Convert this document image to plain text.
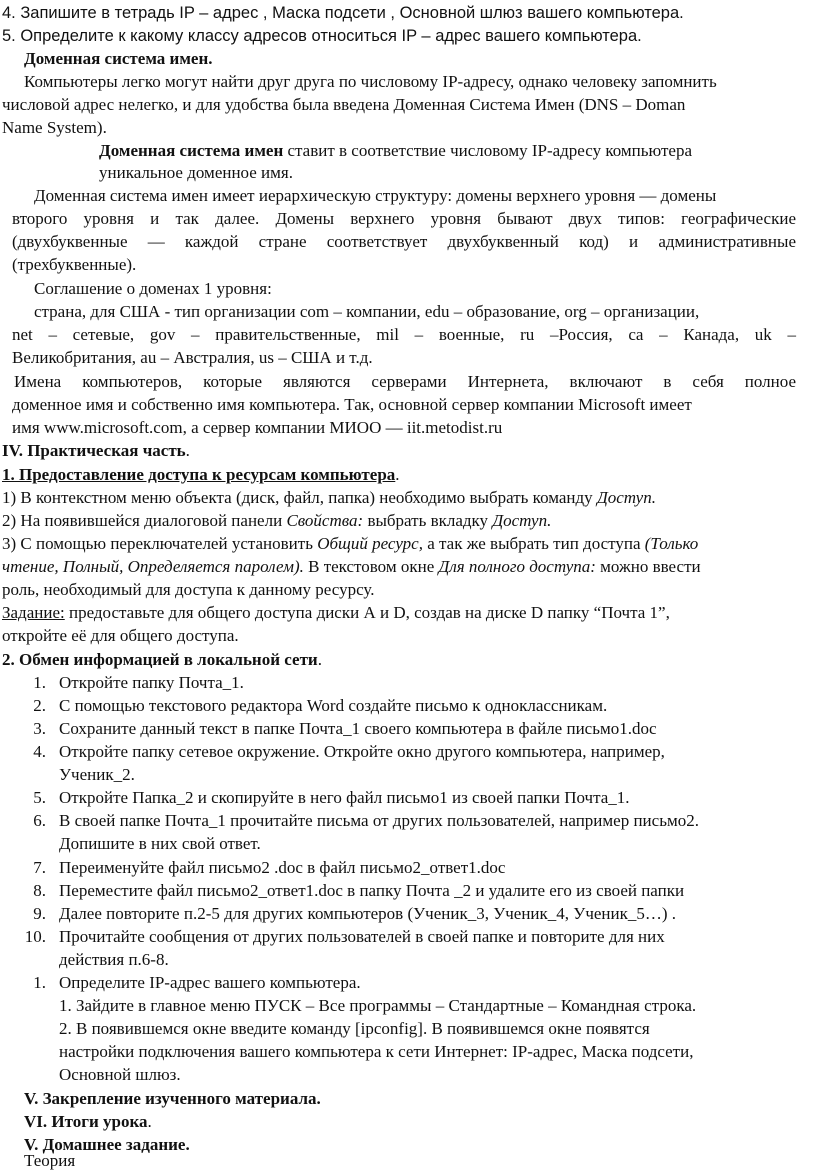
4. Запишите в тетрадь IP – адрес , Маска подсети , Основной шлюз вашего компьютера.
5. Определите к какому классу адресов относиться IP – адрес вашего компьютера.
Доменная система имен.
Компьютеры легко могут найти друг друга по числовому IP-адресу, однако человеку запомнить
числовой адрес нелегко, и для удобства была введена Доменная Система Имен (DNS – Doman
Name System).
Доменная система имен ставит в соответствие числовому IP-адресу компьютера
уникальное доменное имя.
Доменная система имен имеет иерархическую структуру: домены верхнего уровня — домены
второго уровня и так далее. Домены верхнего уровня бывают двух типов: географические
(двухбуквенные — каждой стране соответствует двухбуквенный код) и административные
(трехбуквенные).
Соглашение о доменах 1 уровня:
страна, для США - тип организации com – компании, edu – образование, org – организации,
net – сетевые, gov – правительственные, mil – военные, ru –Россия, ca – Канада, uk –
Великобритания, au – Австралия, us – США и т.д.
Имена компьютеров, которые являются серверами Интернета, включают в себя полное
доменное имя и собственно имя компьютера. Так, основной сервер компании Microsoft имеет
имя www.microsoft.com, а сервер компании МИОО — iit.metodist.ru
IV. Практическая часть.
1. Предоставление доступа к ресурсам компьютера.
1) В контекстном меню объекта (диск, файл, папка) необходимо выбрать команду Доступ.
2) На появившейся диалоговой панели Свойства: выбрать вкладку Доступ.
3) С помощью переключателей установить Общий ресурс, а так же выбрать тип доступа (Только
чтение, Полный, Определяется паролем). В текстовом окне Для полного доступа: можно ввести
роль, необходимый для доступа к данному ресурсу.
Задание: предоставьте для общего доступа диски А и D, создав на диске D папку “Почта 1”,
откройте её для общего доступа.
2. Обмен информацией в локальной сети.
1. Откройте папку Почта_1.
2. С помощью текстового редактора Word создайте письмо к одноклассникам.
3. Сохраните данный текст в папке Почта_1 своего компьютера в файле письмо1.doc
4. Откройте папку сетевое окружение. Откройте окно другого компьютера, например,
Ученик_2.
5. Откройте Папка_2 и скопируйте в него файл письмо1 из своей папки Почта_1.
6. В своей папке Почта_1 прочитайте письма от других пользователей, например письмо2.
Допишите в них свой ответ.
7. Переименуйте файл письмо2 .doc в файл письмо2_ответ1.doc
8. Переместите файл письмо2_ответ1.doc в папку Почта _2 и удалите его из своей папки
9. Далее повторите п.2-5 для других компьютеров (Ученик_3, Ученик_4, Ученик_5…) .
10. Прочитайте сообщения от других пользователей в своей папке и повторите для них
действия п.6-8.
1. Определите IP-адрес вашего компьютера.
1. Зайдите в главное меню ПУСК – Все программы – Стандартные – Командная строка.
2. В появившемся окне введите команду [ipconfig]. В появившемся окне появятся
настройки подключения вашего компьютера к сети Интернет: IP-адрес, Маска подсети,
Основной шлюз.
V. Закрепление изученного материала.
VI. Итоги урока.
V. Домашнее задание.
Теория
